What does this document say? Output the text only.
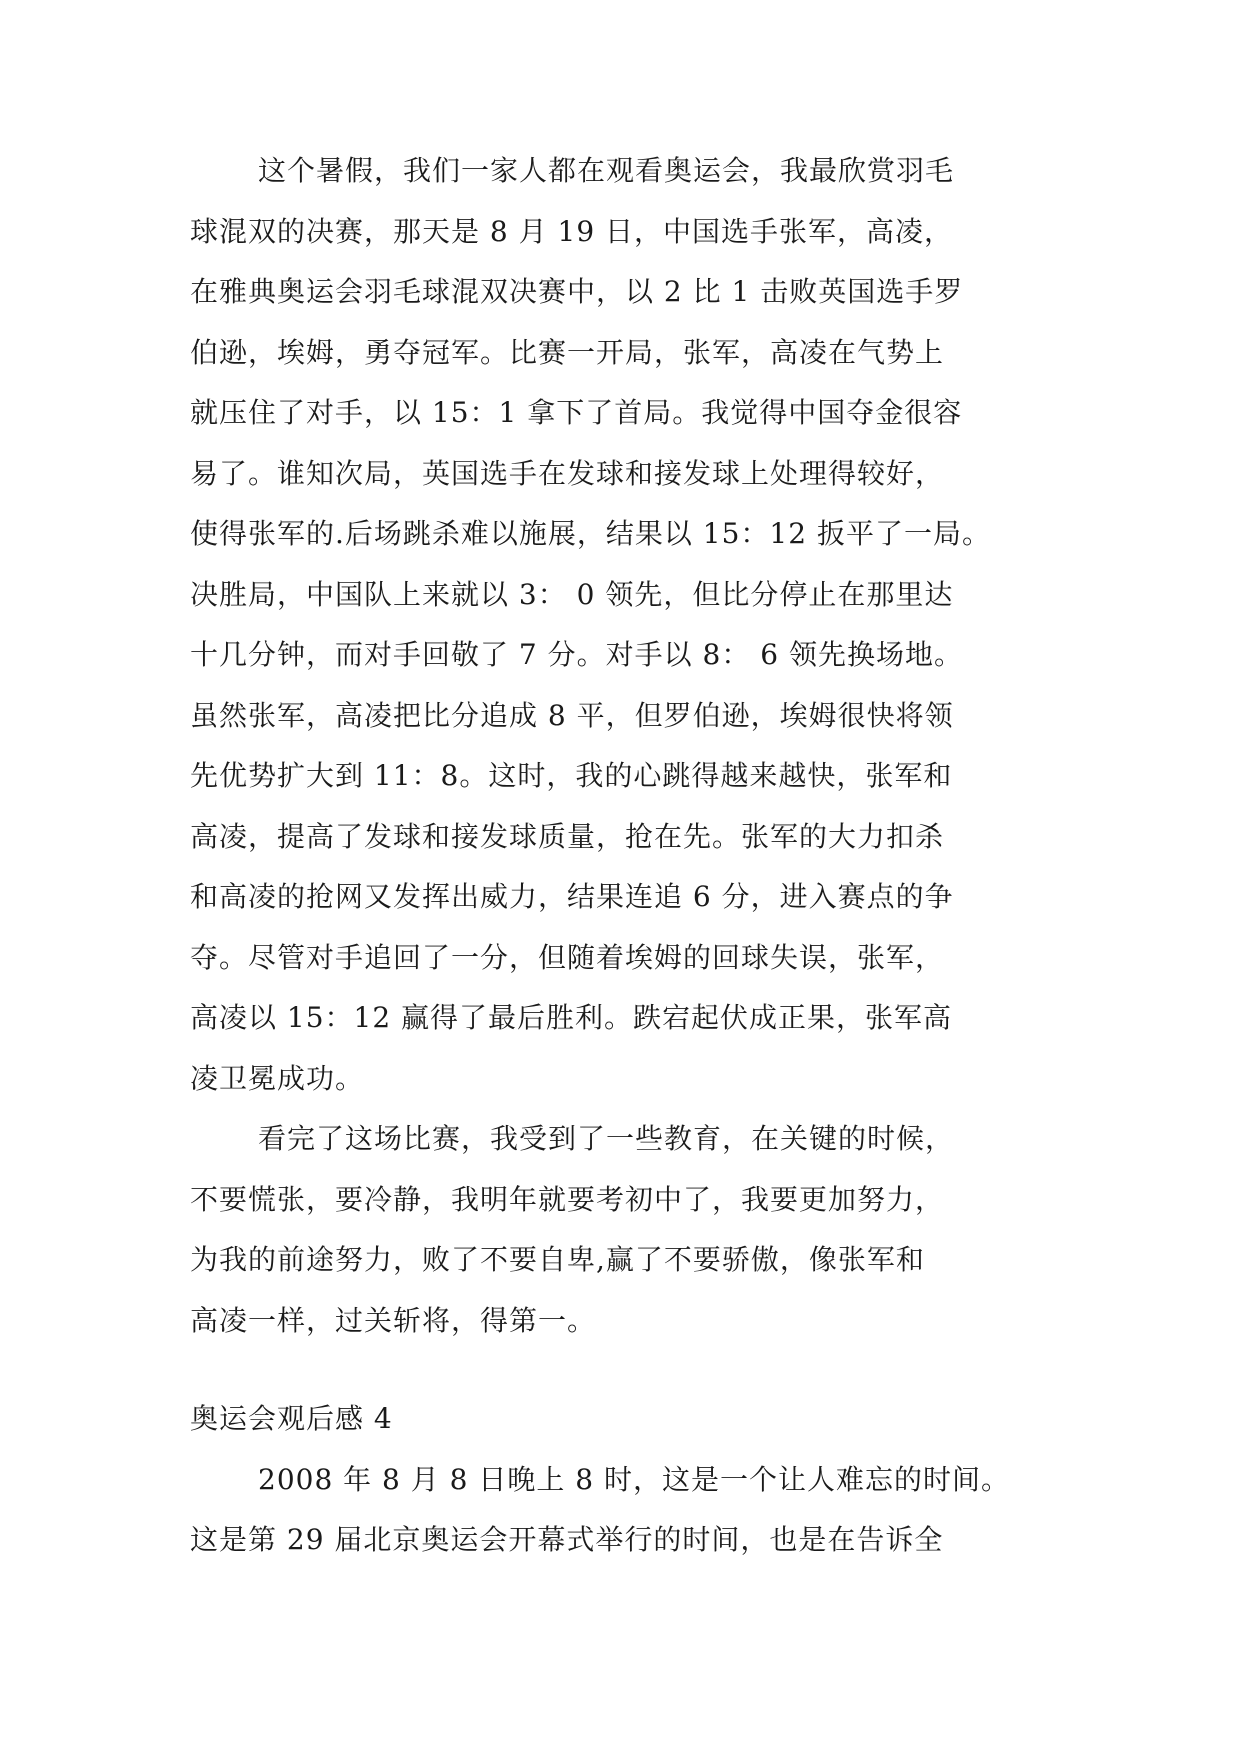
这个暑假，我们一家人都在观看奥运会，我最欣赏羽毛
球混双的决赛，那天是 8 月 19 日，中国选手张军，高凌，
在雅典奥运会羽毛球混双决赛中，以 2 比 1 击败英国选手罗
伯逊，埃姆，勇夺冠军。比赛一开局，张军，高凌在气势上
就压住了对手，以 15：1 拿下了首局。我觉得中国夺金很容
易了。谁知次局，英国选手在发球和接发球上处理得较好，
使得张军的.后场跳杀难以施展，结果以 15：12 扳平了一局。
决胜局，中国队上来就以 3： 0 领先，但比分停止在那里达
十几分钟，而对手回敬了 7 分。对手以 8： 6 领先换场地。
虽然张军，高凌把比分追成 8 平，但罗伯逊，埃姆很快将领
先优势扩大到 11：8。这时，我的心跳得越来越快，张军和
高凌，提高了发球和接发球质量，抢在先。张军的大力扣杀
和高凌的抢网又发挥出威力，结果连追 6 分，进入赛点的争
夺。尽管对手追回了一分，但随着埃姆的回球失误，张军，
高凌以 15：12 赢得了最后胜利。跌宕起伏成正果，张军高
凌卫冕成功。
看完了这场比赛，我受到了一些教育，在关键的时候，
不要慌张，要冷静，我明年就要考初中了，我要更加努力，
为我的前途努力，败了不要自卑,赢了不要骄傲，像张军和
高凌一样，过关斩将，得第一。
奥运会观后感 4
2008 年 8 月 8 日晚上 8 时，这是一个让人难忘的时间。
这是第 29 届北京奥运会开幕式举行的时间，也是在告诉全
